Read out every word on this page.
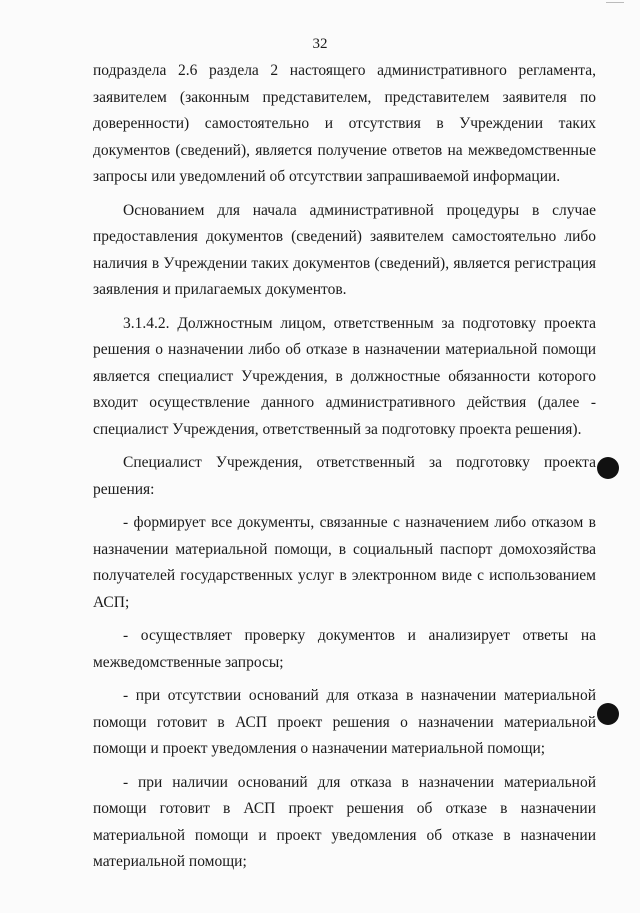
32

подраздела 2.6 раздела 2 настоящего административного регламента, заявителем (законным представителем, представителем заявителя по доверенности) самостоятельно и отсутствия в Учреждении таких документов (сведений), является получение ответов на межведомственные запросы или уведомлений об отсутствии запрашиваемой информации.

Основанием для начала административной процедуры в случае предоставления документов (сведений) заявителем самостоятельно либо наличия в Учреждении таких документов (сведений), является регистрация заявления и прилагаемых документов.

3.1.4.2. Должностным лицом, ответственным за подготовку проекта решения о назначении либо об отказе в назначении материальной помощи является специалист Учреждения, в должностные обязанности которого входит осуществление данного административного действия (далее - специалист Учреждения, ответственный за подготовку проекта решения).

Специалист Учреждения, ответственный за подготовку проекта решения:

- формирует все документы, связанные с назначением либо отказом в назначении материальной помощи, в социальный паспорт домохозяйства получателей государственных услуг в электронном виде с использованием АСП;

- осуществляет проверку документов и анализирует ответы на межведомственные запросы;

- при отсутствии оснований для отказа в назначении материальной помощи готовит в АСП проект решения о назначении материальной помощи и проект уведомления о назначении материальной помощи;

- при наличии оснований для отказа в назначении материальной помощи готовит в АСП проект решения об отказе в назначении материальной помощи и проект уведомления об отказе в назначении материальной помощи;
